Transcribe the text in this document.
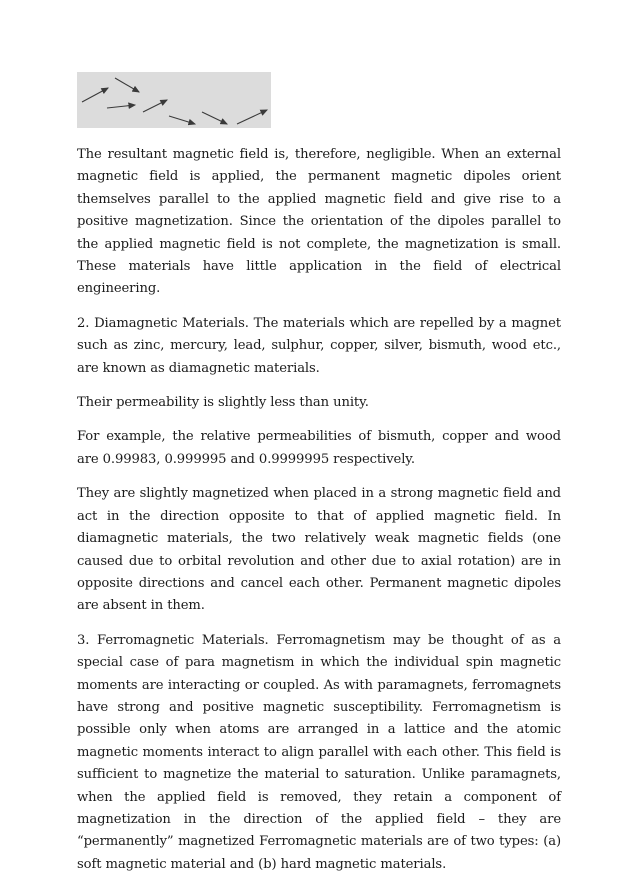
The resultant magnetic field is, therefore, negligible. When an external magnetic field is applied, the permanent magnetic dipoles orient themselves parallel to the applied magnetic field and give rise to a positive magnetization. Since the orientation of the dipoles parallel to the applied magnetic field is not complete, the magnetization is small. These materials have little application in the field of electrical engineering.

2. Diamagnetic Materials. The materials which are repelled by a magnet such as zinc, mercury, lead, sulphur, copper, silver, bismuth, wood etc., are known as diamagnetic materials.

Their permeability is slightly less than unity.

For example, the relative permeabilities of bismuth, copper and wood are 0.99983, 0.999995 and 0.9999995 respectively.

They are slightly magnetized when placed in a strong magnetic field and act in the direction opposite to that of applied magnetic field. In diamagnetic materials, the two relatively weak magnetic fields (one caused due to orbital revolution and other due to axial rotation) are in opposite directions and cancel each other. Permanent magnetic dipoles are absent in them.

3. Ferromagnetic Materials. Ferromagnetism may be thought of as a special case of para magnetism in which the individual spin magnetic moments are interacting or coupled. As with paramagnets, ferromagnets have strong and positive magnetic susceptibility. Ferromagnetism is possible only when atoms are arranged in a lattice and the atomic magnetic moments interact to align parallel with each other. This field is sufficient to magnetize the material to saturation. Unlike paramagnets, when the applied field is removed, they retain a component of magnetization in the direction of the applied field – they are “permanently” magnetized Ferromagnetic materials are of two types: (a) soft magnetic material and (b) hard magnetic materials.
